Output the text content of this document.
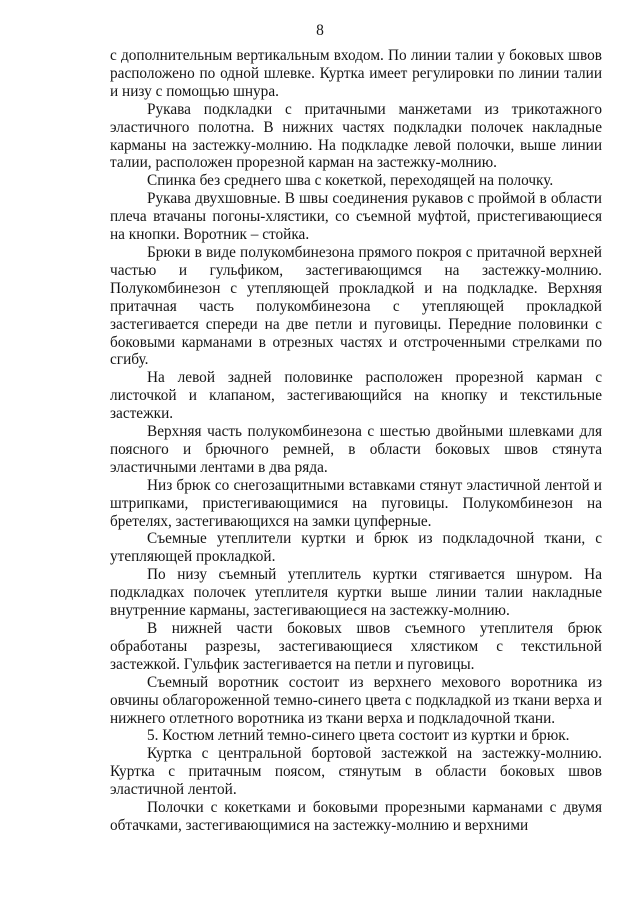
8

с дополнительным вертикальным входом. По линии талии у боковых швов расположено по одной шлевке. Куртка имеет регулировки по линии талии и низу с помощью шнура.

Рукава подкладки с притачными манжетами из трикотажного эластичного полотна. В нижних частях подкладки полочек накладные карманы на застежку-молнию. На подкладке левой полочки, выше линии талии, расположен прорезной карман на застежку-молнию.

Спинка без среднего шва с кокеткой, переходящей на полочку.

Рукава двухшовные. В швы соединения рукавов с проймой в области плеча втачаны погоны-хлястики, со съемной муфтой, пристегивающиеся на кнопки. Воротник – стойка.

Брюки в виде полукомбинезона прямого покроя с притачной верхней частью и гульфиком, застегивающимся на застежку-молнию. Полукомбинезон с утепляющей прокладкой и на подкладке. Верхняя притачная часть полукомбинезона с утепляющей прокладкой застегивается спереди на две петли и пуговицы. Передние половинки с боковыми карманами в отрезных частях и отстроченными стрелками по сгибу.

На левой задней половинке расположен прорезной карман с листочкой и клапаном, застегивающийся на кнопку и текстильные застежки.

Верхняя часть полукомбинезона с шестью двойными шлевками для поясного и брючного ремней, в области боковых швов стянута эластичными лентами в два ряда.

Низ брюк со снегозащитными вставками стянут эластичной лентой и штрипками, пристегивающимися на пуговицы. Полукомбинезон на бретелях, застегивающихся на замки цупферные.

Съемные утеплители куртки и брюк из подкладочной ткани, с утепляющей прокладкой.

По низу съемный утеплитель куртки стягивается шнуром. На подкладках полочек утеплителя куртки выше линии талии накладные внутренние карманы, застегивающиеся на застежку-молнию.

В нижней части боковых швов съемного утеплителя брюк обработаны разрезы, застегивающиеся хлястиком с текстильной застежкой. Гульфик застегивается на петли и пуговицы.

Съемный воротник состоит из верхнего мехового воротника из овчины облагороженной темно-синего цвета с подкладкой из ткани верха и нижнего отлетного воротника из ткани верха и подкладочной ткани.

5. Костюм летний темно-синего цвета состоит из куртки и брюк.

Куртка с центральной бортовой застежкой на застежку-молнию. Куртка с притачным поясом, стянутым в области боковых швов эластичной лентой.

Полочки с кокетками и боковыми прорезными карманами с двумя обтачками, застегивающимися на застежку-молнию и верхними
